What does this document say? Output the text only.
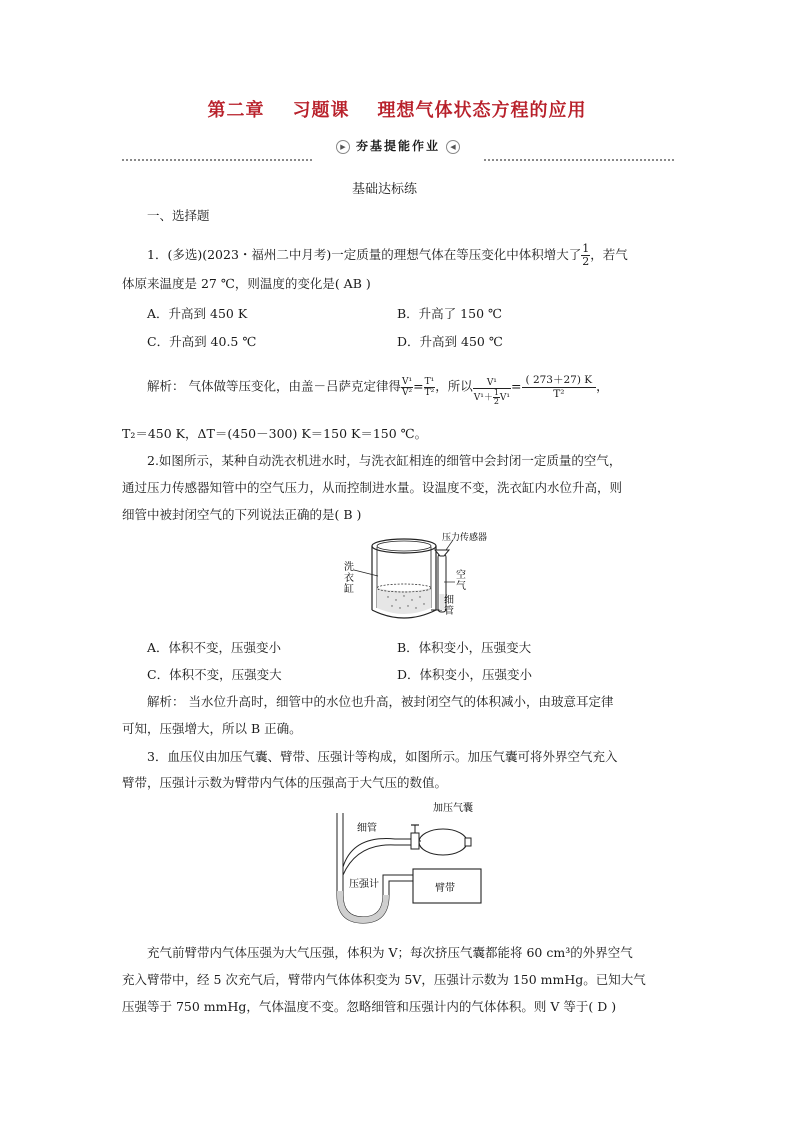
第二章 习题课 理想气体状态方程的应用
▶ 夯基提能作业 ◀
基础达标练
一、选择题
1．(多选)(2023・福州二中月考)一定质量的理想气体在等压变化中体积增大了 $\frac{1}{2}$ ，若气
体原来温度是 27 ℃，则温度的变化是( AB )
A．升高到 450 K	B．升高了 150 ℃
C．升高到 40.5 ℃	D．升高到 450 ℃
解析： 气体做等压变化，由盖－吕萨克定律得 $\frac{\text{V¹}}{\text{V²}} = \frac{\text{T¹}}{\text{T²}}$ ，所以 $\frac{\text{V¹}}{V^1+ \frac{1}{2} V^1} = \frac{( 273+27) K}{\text{T²}}$ ，
T₂＝450 K，ΔT＝(450－300) K＝150 K＝150 ℃。
2.如图所示，某种自动洗衣机进水时，与洗衣缸相连的细管中会封闭一定质量的空气，
通过压力传感器知管中的空气压力，从而控制进水量。设温度不变，洗衣缸内水位升高，则
细管中被封闭空气的下列说法正确的是( B )
压力传感器
洗
衣
缸
空
气
细
管
A．体积不变，压强变小	B．体积变小，压强变大
C．体积不变，压强变大	D．体积变小，压强变小
解析： 当水位升高时，细管中的水位也升高，被封闭空气的体积减小，由玻意耳定律
可知，压强增大，所以 B 正确。
3．血压仪由加压气囊、臂带、压强计等构成，如图所示。加压气囊可将外界空气充入
臂带，压强计示数为臂带内气体的压强高于大气压的数值。
臂带
加压气囊
细管
压强计
充气前臂带内气体压强为大气压强，体积为 V；每次挤压气囊都能将 60 cm³的外界空气
充入臂带中，经 5 次充气后，臂带内气体体积变为 5V，压强计示数为 150 mmHg。已知大气
压强等于 750 mmHg，气体温度不变。忽略细管和压强计内的气体体积。则 V 等于( D )
